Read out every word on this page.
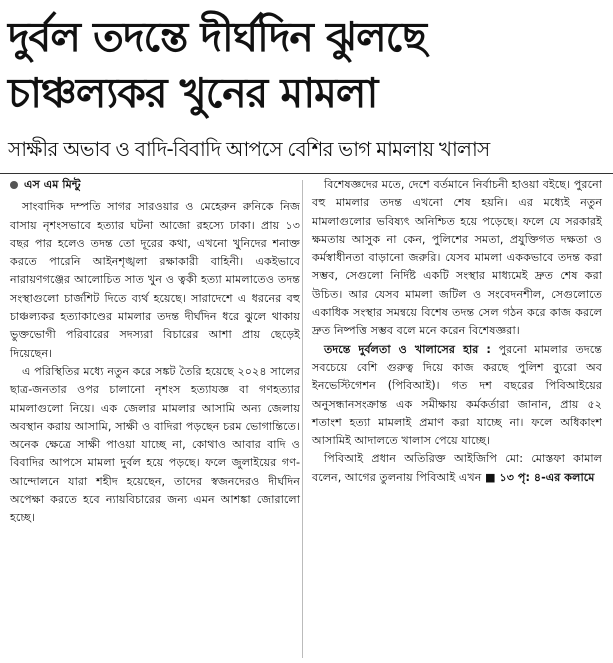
দুর্বল তদন্তে দীর্ঘদিন ঝুলছে
চাঞ্চল্যকর খুনের মামলা
সাক্ষীর অভাব ও বাদি-বিবাদি আপসে বেশির ভাগ মামলায় খালাস
এস এম মিন্টু

সাংবাদিক দম্পতি সাগর সারওয়ার ও মেহেরুন রুনিকে নিজ বাসায় নৃশংসভাবে হত্যার ঘটনা আজো রহস্যে ঢাকা। প্রায় ১৩ বছর পার হলেও তদন্ত তো দূরের কথা, এখনো খুনিদের শনাক্ত করতে পারেনি আইনশৃঙ্খলা রক্ষাকারী বাহিনী। একইভাবে নারায়ণগঞ্জের আলোচিত সাত খুন ও ত্বকী হত্যা মামলাতেও তদন্ত সংস্থাগুলো চার্জশিট দিতে ব্যর্থ হয়েছে। সারাদেশে এ ধরনের বহু চাঞ্চল্যকর হত্যাকাণ্ডের মামলার তদন্ত দীর্ঘদিন ধরে ঝুলে থাকায় ভুক্তভোগী পরিবারের সদস্যরা বিচারের আশা প্রায় ছেড়েই দিয়েছেন।

এ পরিস্থিতির মধ্যে নতুন করে সঙ্কট তৈরি হয়েছে ২০২৪ সালের ছাত্র-জনতার ওপর চালানো নৃশংস হত্যাযজ্ঞ বা গণহত্যার মামলাগুলো নিয়ে। এক জেলার মামলার আসামি অন্য জেলায় অবস্থান করায় আসামি, সাক্ষী ও বাদিরা পড়ছেন চরম ভোগান্তিতে। অনেক ক্ষেত্রে সাক্ষী পাওয়া যাচ্ছে না, কোথাও আবার বাদি ও বিবাদির আপসে মামলা দুর্বল হয়ে পড়ছে। ফলে জুলাইয়ের গণ-আন্দোলনে যারা শহীদ হয়েছেন, তাদের স্বজনদেরও দীর্ঘদিন অপেক্ষা করতে হবে ন্যায়বিচারের জন্য এমন আশঙ্কা জোরালো হচ্ছে।

বিশেষজ্ঞদের মতে, দেশে বর্তমানে নির্বাচনী হাওয়া বইছে। পুরনো বহু মামলার তদন্ত এখনো শেষ হয়নি। এর মধ্যেই নতুন মামলাগুলোর ভবিষ্যৎ অনিশ্চিত হয়ে পড়েছে। ফলে যে সরকারই ক্ষমতায় আসুক না কেন, পুলিশের সমতা, প্রযুক্তিগত দক্ষতা ও কর্মস্বাধীনতা বাড়ানো জরুরি। যেসব মামলা এককভাবে তদন্ত করা সম্ভব, সেগুলো নির্দিষ্ট একটি সংস্থার মাধ্যমেই দ্রুত শেষ করা উচিত। আর যেসব মামলা জটিল ও সংবেদনশীল, সেগুলোতে একাধিক সংস্থার সমন্বয়ে বিশেষ তদন্ত সেল গঠন করে কাজ করলে দ্রুত নিষ্পত্তি সম্ভব বলে মনে করেন বিশেষজ্ঞরা।

তদন্তে দুর্বলতা ও খালাসের হার : পুরনো মামলার তদন্তে সবচেয়ে বেশি গুরুত্ব দিয়ে কাজ করছে পুলিশ ব্যুরো অব ইনভেস্টিগেশন (পিবিআই)। গত দশ বছরের পিবিআইয়ের অনুসন্ধানসংক্রান্ত এক সমীক্ষায় কর্মকর্তারা জানান, প্রায় ৫২ শতাংশ হত্যা মামলাই প্রমাণ করা যাচ্ছে না। ফলে অধিকাংশ আসামিই আদালতে খালাস পেয়ে যাচ্ছে।

পিবিআই প্রধান অতিরিক্ত আইজিপি মো: মোস্তফা কামাল বলেন, আগের তুলনায় পিবিআই এখন ■ ১৩ পৃ: ৪-এর কলামে
